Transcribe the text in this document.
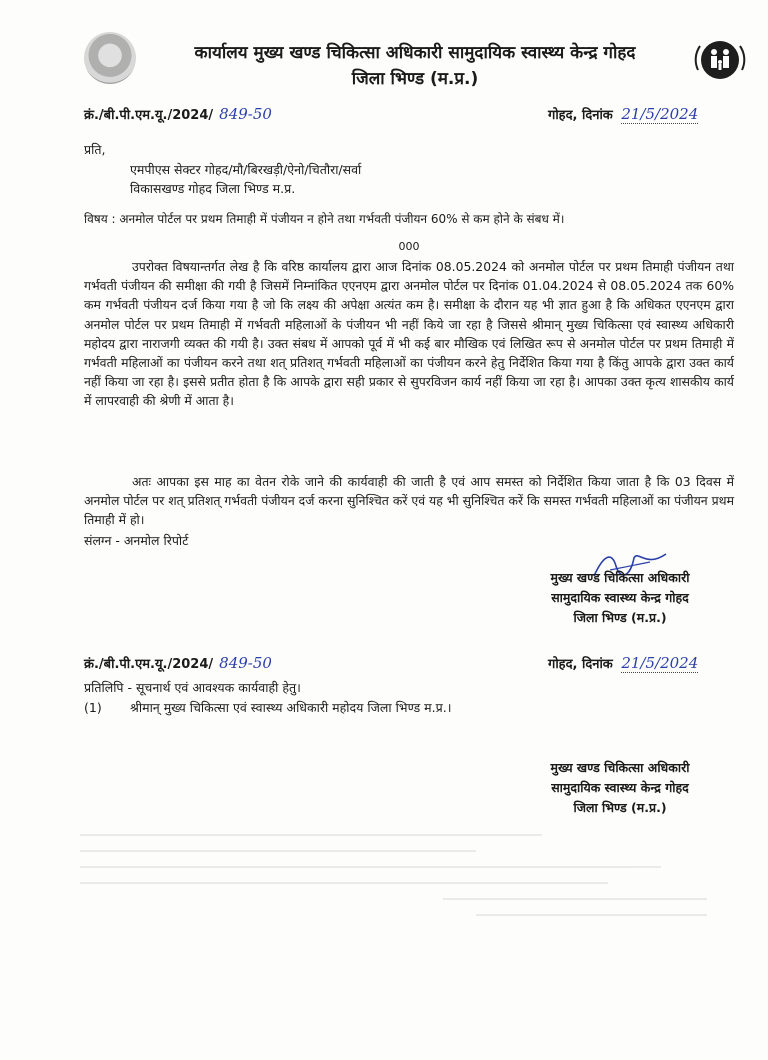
कार्यालय मुख्य खण्ड चिकित्सा अधिकारी सामुदायिक स्वास्थ्य केन्द्र गोहद
जिला भिण्ड (म.प्र.)
क्रं./बी.पी.एम.यू./2024/ 849-50	गोहद, दिनांक 21/5/2024
प्रति,
एमपीएस सेक्टर गोहद/मौ/बिरखड़ी/ऐनो/चितौरा/सर्वा
विकासखण्ड गोहद जिला भिण्ड म.प्र.
विषय : अनमोल पोर्टल पर प्रथम तिमाही में पंजीयन न होने तथा गर्भवती पंजीयन 60% से कम होने के संबध में।
000
उपरोक्त विषयान्तर्गत लेख है कि वरिष्ठ कार्यालय द्वारा आज दिनांक 08.05.2024 को अनमोल पोर्टल पर प्रथम तिमाही पंजीयन तथा गर्भवती पंजीयन की समीक्षा की गयी है जिसमें निम्नांकित एएनएम द्वारा अनमोल पोर्टल पर दिनांक 01.04.2024 से 08.05.2024 तक 60% कम गर्भवती पंजीयन दर्ज किया गया है जो कि लक्ष्य की अपेक्षा अत्यंत कम है। समीक्षा के दौरान यह भी ज्ञात हुआ है कि अधिकत एएनएम द्वारा अनमोल पोर्टल पर प्रथम तिमाही में गर्भवती महिलाओं के पंजीयन भी नहीं किये जा रहा है जिससे श्रीमान् मुख्य चिकित्सा एवं स्वास्थ्य अधिकारी महोदय द्वारा नाराजगी व्यक्त की गयी है। उक्त संबध में आपको पूर्व में भी कई बार मौखिक एवं लिखित रूप से अनमोल पोर्टल पर प्रथम तिमाही में गर्भवती महिलाओं का पंजीयन करने तथा शत् प्रतिशत् गर्भवती महिलाओं का पंजीयन करने हेतु निर्देशित किया गया है किंतु आपके द्वारा उक्त कार्य नहीं किया जा रहा है। इससे प्रतीत होता है कि आपके द्वारा सही प्रकार से सुपरविजन कार्य नहीं किया जा रहा है। आपका उक्त कृत्य शासकीय कार्य में लापरवाही की श्रेणी में आता है।
अतः आपका इस माह का वेतन रोके जाने की कार्यवाही की जाती है एवं आप समस्त को निर्देशित किया जाता है कि 03 दिवस में अनमोल पोर्टल पर शत् प्रतिशत् गर्भवती पंजीयन दर्ज करना सुनिश्चित करें एवं यह भी सुनिश्चित करें कि समस्त गर्भवती महिलाओं का पंजीयन प्रथम तिमाही में हो।
संलग्न - अनमोल रिपोर्ट
मुख्य खण्ड चिकित्सा अधिकारी
सामुदायिक स्वास्थ्य केन्द्र गोहद
जिला भिण्ड (म.प्र.)
क्रं./बी.पी.एम.यू./2024/ 849-50	गोहद, दिनांक 21/5/2024
प्रतिलिपि - सूचनार्थ एवं आवश्यक कार्यवाही हेतु।
(1) श्रीमान् मुख्य चिकित्सा एवं स्वास्थ्य अधिकारी महोदय जिला भिण्ड म.प्र.।
मुख्य खण्ड चिकित्सा अधिकारी
सामुदायिक स्वास्थ्य केन्द्र गोहद
जिला भिण्ड (म.प्र.)
